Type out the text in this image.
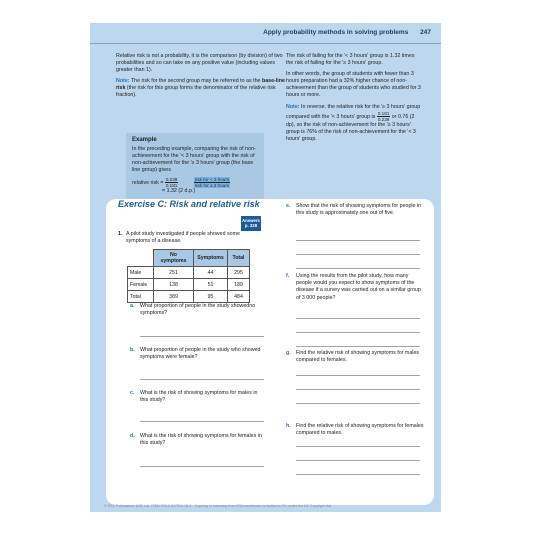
Apply probability methods in solving problems 247

Relative risk is not a probability, it is the comparison (by division) of two probabilities and so can take on any positive value (including values greater than 1).

Note: The risk for the second group may be referred to as the base-line risk (the risk for this group forms the denominator of the relative risk fraction).

Example
In the preceding example, comparing the risk of non-achievement for the '< 3 hours' group with the risk of non-achievement for the '≥ 3 hours' group (the base line group) gives
relative risk = $\frac{0.239}{0.181}$
	$\frac{\text{risk for < 3 hours}}{\text{risk for ≥ 3 hours}}$
= 1.32 (2 d.p.)

The risk of failing for the '< 3 hours' group is 1.32 times the risk of failing for the '≥ 3 hours' group.

In other words, the group of students with fewer than 3 hours preparation had a 32% higher chance of non-achievement than the group of students who studied for 3 hours or more.

Note: In reverse, the relative risk for the '≥ 3 hours' group compared with the '< 3 hours' group is $\frac{0.181}{0.239}$ or 0.76 (2 dp), so the risk of non-achievement for the '≥ 3 hours' group is 76% of the risk of non-achievement for the '< 3 hours' group.

Exercise C: Risk and relative risk
Answers
p. 328
1. A pilot study investigated if people showed some symptoms of a disease.
	No symptoms	Symptoms	Total
Male	251	44	295
Female	138	51	189
Total	389	95	484
a. What proportion of people in the study showedno symptoms?
b. What proportion of people in the study who showed symptoms were female?
c. What is the risk of showing symptoms for males in this study?
d. What is the risk of showing symptoms for females in this study?
e. Show that the risk of showing symptoms for people in this study is approximately one out of five.
f. Using the results from the pilot study, how many people would you expect to show symptoms of the disease if a survey was carried out on a similar group of 3 000 people?
g. Find the relative risk of showing symptoms for males compared to females.
h. Find the relative risk of showing symptoms for females compared to males.
© ESA Publications (NZ) Ltd, ISBN 978-0-947504-16-8 · Copying or scanning from ESA workbooks is limited to 3% under the NZ Copyright Act.
